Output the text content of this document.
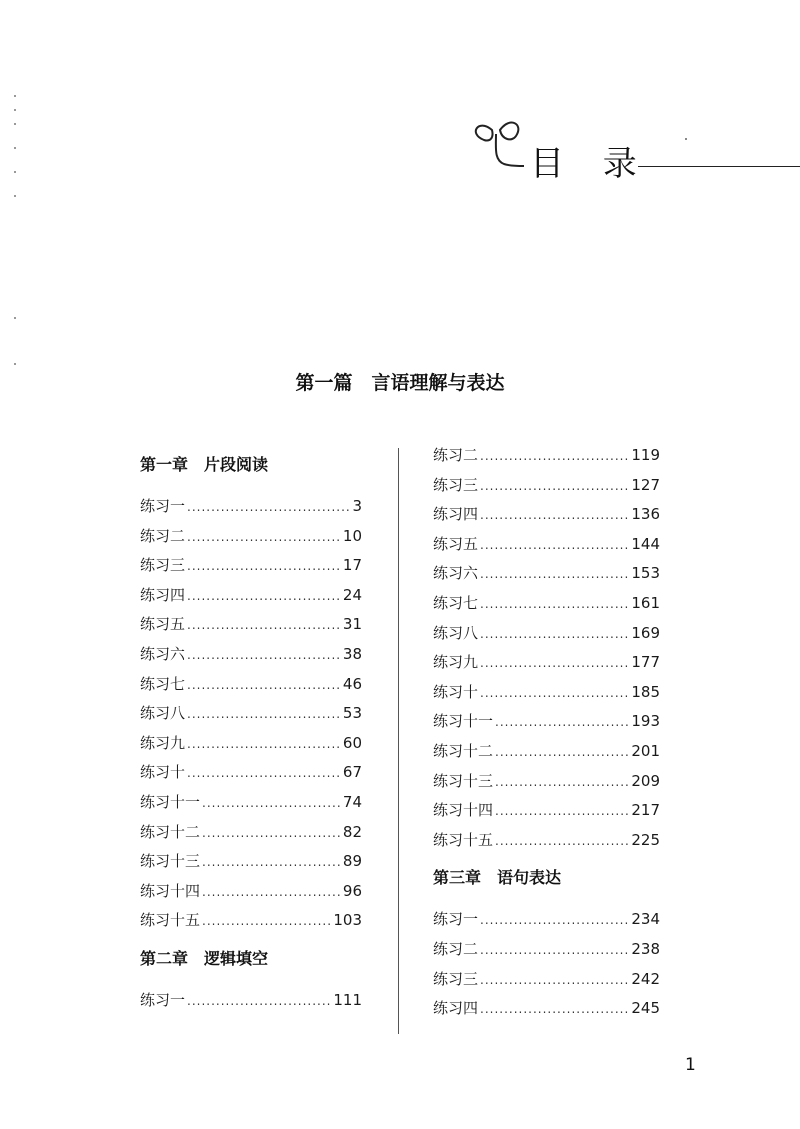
目 录
第一篇　言语理解与表达
第一章　片段阅读
练习一 .....	3
练习二 .....	10
练习三 .....	17
练习四 .....	24
练习五 .....	31
练习六 .....	38
练习七 .....	46
练习八 .....	53
练习九 .....	60
练习十 .....	67
练习十一 .....	74
练习十二 .....	82
练习十三 .....	89
练习十四 .....	96
练习十五 .....	103
第二章　逻辑填空
练习一 .....	111
练习二 .....	119
练习三 .....	127
练习四 .....	136
练习五 .....	144
练习六 .....	153
练习七 .....	161
练习八 .....	169
练习九 .....	177
练习十 .....	185
练习十一 .....	193
练习十二 .....	201
练习十三 .....	209
练习十四 .....	217
练习十五 .....	225
第三章　语句表达
练习一 .....	234
练习二 .....	238
练习三 .....	242
练习四 .....	245
1
